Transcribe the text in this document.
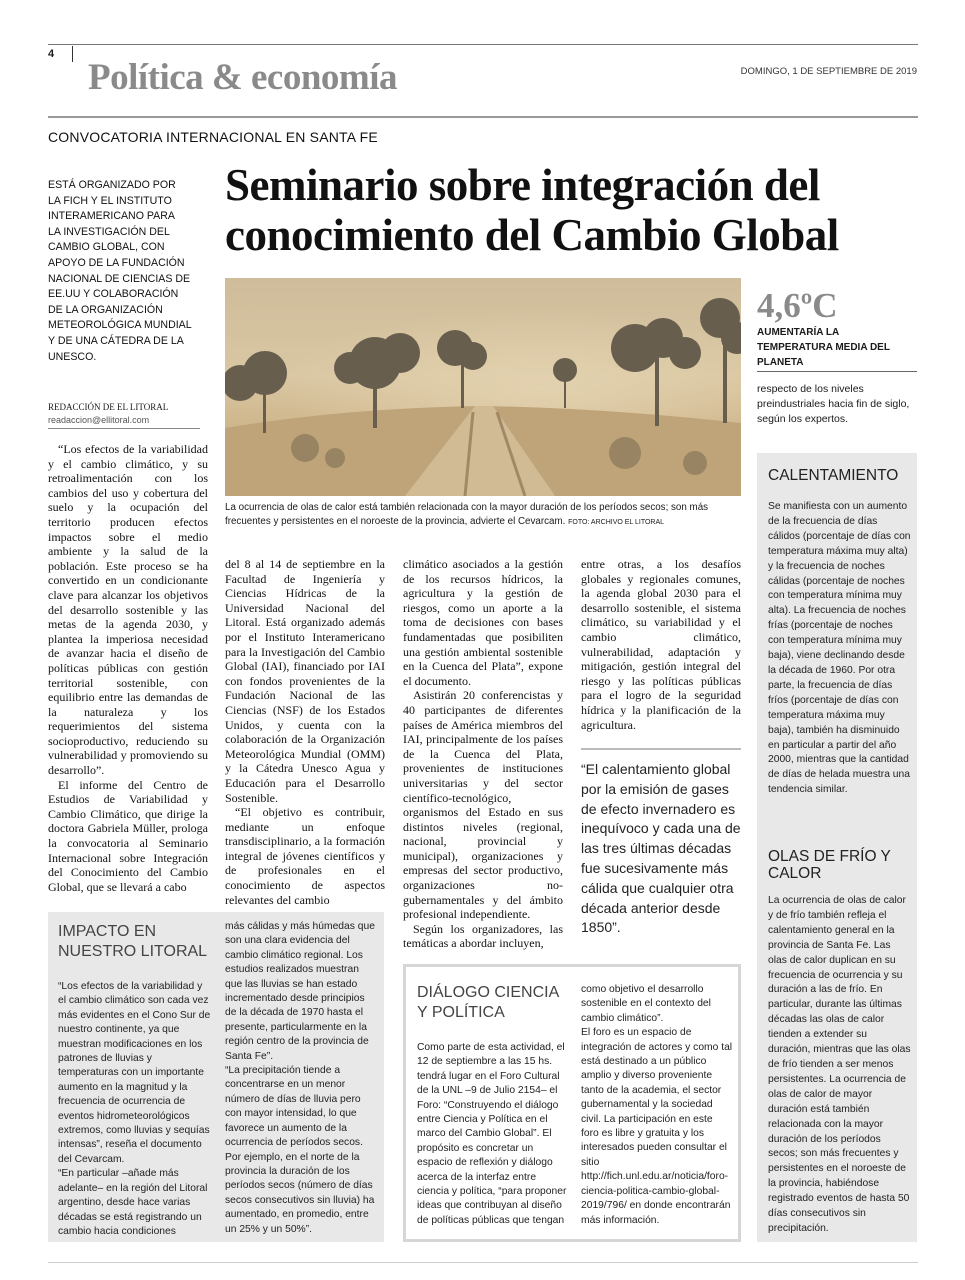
4
Política & economía	DOMINGO, 1 DE SEPTIEMBRE DE 2019
CONVOCATORIA INTERNACIONAL EN SANTA FE
Seminario sobre integración del
conocimiento del Cambio Global
ESTÁ ORGANIZADO POR
LA FICH Y EL INSTITUTO
INTERAMERICANO PARA
LA INVESTIGACIÓN DEL
CAMBIO GLOBAL, CON
APOYO DE LA FUNDACIÓN
NACIONAL DE CIENCIAS DE
EE.UU Y COLABORACIÓN
DE LA ORGANIZACIÓN
METEOROLÓGICA MUNDIAL
Y DE UNA CÁTEDRA DE LA
UNESCO.
REDACCIÓN DE EL LITORAL
readaccion@ellitoral.com
La ocurrencia de olas de calor está también relacionada con la mayor duración de los períodos secos; son más frecuentes y persistentes en el noroeste de la provincia, advierte el Cevarcam. FOTO: ARCHIVO EL LITORAL

“Los efectos de la variabilidad y el cambio climático, y su retroalimentación con los cambios del uso y cobertura del suelo y la ocupación del territorio producen efectos impactos sobre el medio ambiente y la salud de la población. Este proceso se ha convertido en un condicionante clave para alcanzar los objetivos del desarrollo sostenible y las metas de la agenda 2030, y plantea la imperiosa necesidad de avanzar hacia el diseño de políticas públicas con gestión territorial sostenible, con equilibrio entre las demandas de la naturaleza y los requerimientos del sistema socioproductivo, reduciendo su vulnerabilidad y promoviendo su desarrollo”.

El informe del Centro de Estudios de Variabilidad y Cambio Climático, que dirige la doctora Gabriela Müller, prologa la convocatoria al Seminario Internacional sobre Integración del Conocimiento del Cambio Global, que se llevará a cabo

del 8 al 14 de septiembre en la Facultad de Ingeniería y Ciencias Hídricas de la Universidad Nacional del Litoral. Está organizado además por el Instituto Interamericano para la Investigación del Cambio Global (IAI), financiado por IAI con fondos provenientes de la Fundación Nacional de las Ciencias (NSF) de los Estados Unidos, y cuenta con la colaboración de la Organización Meteorológica Mundial (OMM) y la Cátedra Unesco Agua y Educación para el Desarrollo Sostenible.

“El objetivo es contribuir, mediante un enfoque transdisciplinario, a la formación integral de jóvenes científicos y de profesionales en el conocimiento de aspectos relevantes del cambio

climático asociados a la gestión de los recursos hídricos, la agricultura y la gestión de riesgos, como un aporte a la toma de decisiones con bases fundamentadas que posibiliten una gestión ambiental sostenible en la Cuenca del Plata”, expone el documento.

Asistirán 20 conferencistas y 40 participantes de diferentes países de América miembros del IAI, principalmente de los países de la Cuenca del Plata, provenientes de instituciones universitarias y del sector científico-tecnológico, organismos del Estado en sus distintos niveles (regional, nacional, provincial y municipal), organizaciones y empresas del sector productivo, organizaciones no-gubernamentales y del ámbito profesional independiente.

Según los organizadores, las temáticas a abordar incluyen,

entre otras, a los desafíos globales y regionales comunes, la agenda global 2030 para el desarrollo sostenible, el sistema climático, su variabilidad y el cambio climático, vulnerabilidad, adaptación y mitigación, gestión integral del riesgo y las políticas públicas para el logro de la seguridad hídrica y la planificación de la agricultura.

“El calentamiento global por la emisión de gases de efecto invernadero es inequívoco y cada una de las tres últimas décadas fue sucesivamente más cálida que cualquier otra década anterior desde 1850”.
4,6ºC
AUMENTARÍA LA TEMPERATURA MEDIA DEL PLANETA
respecto de los niveles preindustriales hacia fin de siglo, según los expertos.
CALENTAMIENTO
Se manifiesta con un aumento de la frecuencia de días cálidos (porcentaje de días con temperatura máxima muy alta) y la frecuencia de noches cálidas (porcentaje de noches con temperatura mínima muy alta). La frecuencia de noches frías (porcentaje de noches con temperatura mínima muy baja), viene declinando desde la década de 1960. Por otra parte, la frecuencia de días fríos (porcentaje de días con temperatura máxima muy baja), también ha disminuido en particular a partir del año 2000, mientras que la cantidad de días de helada muestra una tendencia similar.
OLAS DE FRÍO Y CALOR
La ocurrencia de olas de calor y de frío también refleja el calentamiento general en la provincia de Santa Fe. Las olas de calor duplican en su frecuencia de ocurrencia y su duración a las de frío. En particular, durante las últimas décadas las olas de calor tienden a extender su duración, mientras que las olas de frío tienden a ser menos persistentes. La ocurrencia de olas de calor de mayor duración está también relacionada con la mayor duración de los períodos secos; son más frecuentes y persistentes en el noroeste de la provincia, habiéndose registrado eventos de hasta 50 días consecutivos sin precipitación.
IMPACTO EN NUESTRO LITORAL
“Los efectos de la variabilidad y el cambio climático son cada vez más evidentes en el Cono Sur de nuestro continente, ya que muestran modificaciones en los patrones de lluvias y temperaturas con un importante aumento en la magnitud y la frecuencia de ocurrencia de eventos hidrometeorológicos extremos, como lluvias y sequías intensas”, reseña el documento del Cevarcam.
“En particular –añade más adelante– en la región del Litoral argentino, desde hace varias décadas se está registrando un cambio hacia condiciones
más cálidas y más húmedas que son una clara evidencia del cambio climático regional. Los estudios realizados muestran que las lluvias se han estado incrementado desde principios de la década de 1970 hasta el presente, particularmente en la región centro de la provincia de Santa Fe”.
“La precipitación tiende a concentrarse en un menor número de días de lluvia pero con mayor intensidad, lo que favorece un aumento de la ocurrencia de períodos secos. Por ejemplo, en el norte de la provincia la duración de los períodos secos (número de días secos consecutivos sin lluvia) ha aumentado, en promedio, entre un 25% y un 50%”.
DIÁLOGO CIENCIA Y POLÍTICA
Como parte de esta actividad, el 12 de septiembre a las 15 hs. tendrá lugar en el Foro Cultural de la UNL –9 de Julio 2154– el Foro: “Construyendo el diálogo entre Ciencia y Política en el marco del Cambio Global”. El propósito es concretar un espacio de reflexión y diálogo acerca de la interfaz entre ciencia y política, “para proponer ideas que contribuyan al diseño de políticas públicas que tengan
como objetivo el desarrollo sostenible en el contexto del cambio climático”.
El foro es un espacio de integración de actores y como tal está destinado a un público amplio y diverso proveniente tanto de la academia, el sector gubernamental y la sociedad civil. La participación en este foro es libre y gratuita y los interesados pueden consultar el sitio http://fich.unl.edu.ar/noticia/foro-ciencia-politica-cambio-global-2019/796/ en donde encontrarán más información.
